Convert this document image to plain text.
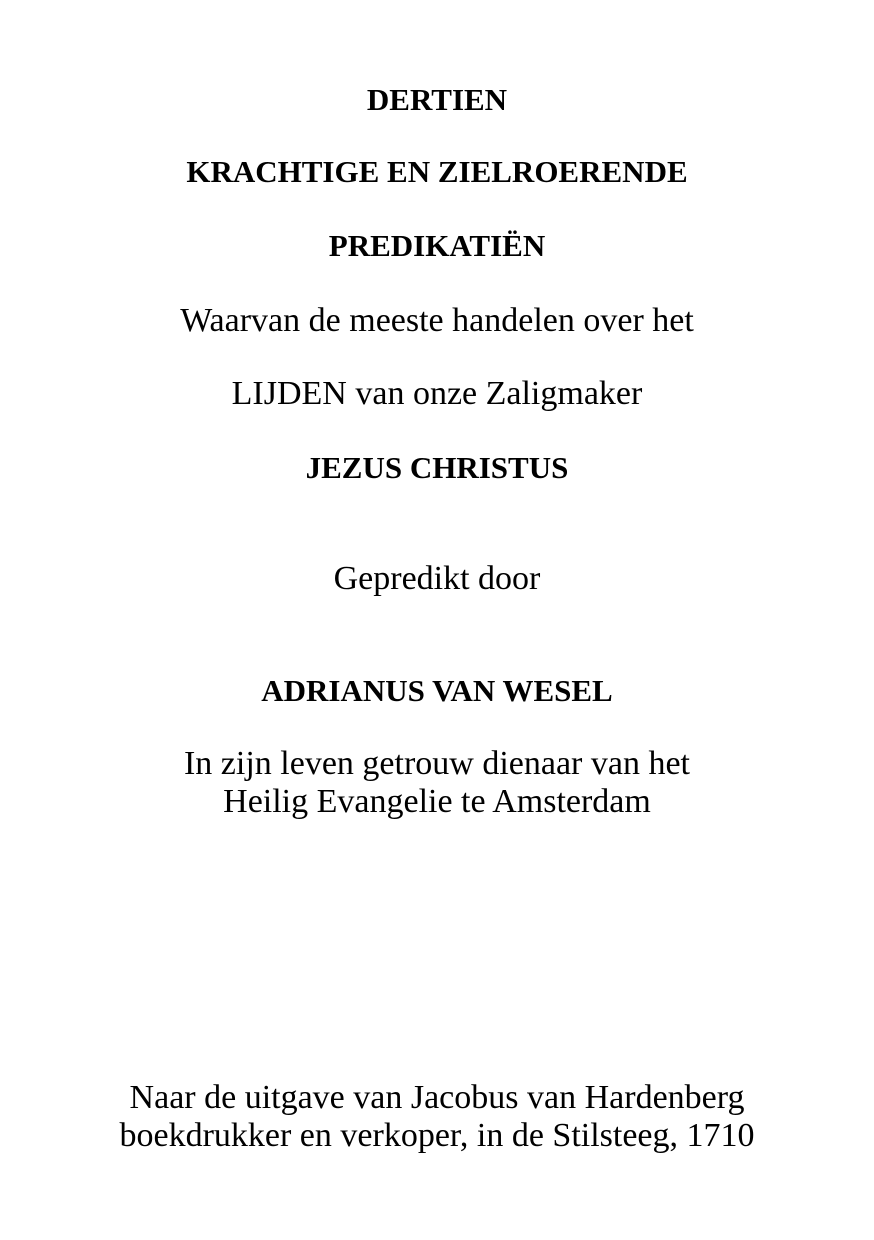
DERTIEN
KRACHTIGE EN ZIELROERENDE
PREDIKATIËN
Waarvan de meeste handelen over het
LIJDEN van onze Zaligmaker
JEZUS CHRISTUS
Gepredikt door
ADRIANUS VAN WESEL
In zijn leven getrouw dienaar van het
Heilig Evangelie te Amsterdam
Naar de uitgave van Jacobus van Hardenberg
boekdrukker en verkoper, in de Stilsteeg, 1710
